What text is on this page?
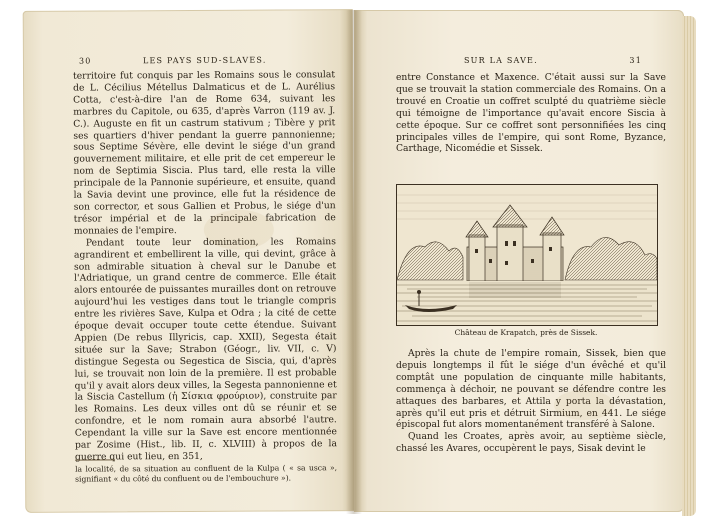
30	LES PAYS SUD-SLAVES.

territoire fut conquis par les Romains sous le consulat de L. Cécilius Métellus Dalmaticus et de L. Aurélius Cotta, c'est-à-dire l'an de Rome 634, suivant les marbres du Capitole, ou 635, d'après Varron (119 av. J. C.). Auguste en fit un castrum stativum ; Tibère y prit ses quartiers d'hiver pendant la guerre pannonienne; sous Septime Sévère, elle devint le siége d'un grand gouvernement militaire, et elle prit de cet empereur le nom de Septimia Siscia. Plus tard, elle resta la ville principale de la Pannonie supérieure, et ensuite, quand la Savia devint une province, elle fut la résidence de son corrector, et sous Gallien et Probus, le siége d'un trésor impérial et de la principale fabrication de monnaies de l'empire.

Pendant toute leur domination, les Romains agrandirent et embellirent la ville, qui devint, grâce à son admirable situation à cheval sur le Danube et l'Adriatique, un grand centre de commerce. Elle était alors entourée de puissantes murailles dont on retrouve aujourd'hui les vestiges dans tout le triangle compris entre les rivières Save, Kulpa et Odra ; la cité de cette époque devait occuper toute cette étendue. Suivant Appien (De rebus Illyricis, cap. XXII), Segesta était située sur la Save; Strabon (Géogr., liv. VII, c. V) distingue Segesta ou Segestica de Siscia, qui, d'après lui, se trouvait non loin de la première. Il est probable qu'il y avait alors deux villes, la Segesta pannonienne et la Siscia Castellum (ἡ Σίσκια φρούριον), construite par les Romains. Les deux villes ont dû se réunir et se confondre, et le nom romain aura absorbé l'autre. Cependant la ville sur la Save est encore mentionnée par Zosime (Hist., lib. II, c. XLVIII) à propos de la guerre qui eut lieu, en 351,

la localité, de sa situation au confluent de la Kulpa ( « sa usca », signifiant « du côté du confluent ou de l'embouchure »).
SUR LA SAVE.	31

entre Constance et Maxence. C'était aussi sur la Save que se trouvait la station commerciale des Romains. On a trouvé en Croatie un coffret sculpté du quatrième siècle qui témoigne de l'importance qu'avait encore Siscia à cette époque. Sur ce coffret sont personnifiées les cinq principales villes de l'empire, qui sont Rome, Byzance, Carthage, Nicomédie et Sissek.

Château de Krapatch, près de Sissek.

Après la chute de l'empire romain, Sissek, bien que depuis longtemps il fût le siége d'un évêché et qu'il comptât une population de cinquante mille habitants, commença à déchoir, ne pouvant se défendre contre les attaques des barbares, et Attila y porta la dévastation, après qu'il eut pris et détruit Sirmium, en 441. Le siége épiscopal fut alors momentanément transféré à Salone.

Quand les Croates, après avoir, au septième siècle, chassé les Avares, occupèrent le pays, Sisak devint le
